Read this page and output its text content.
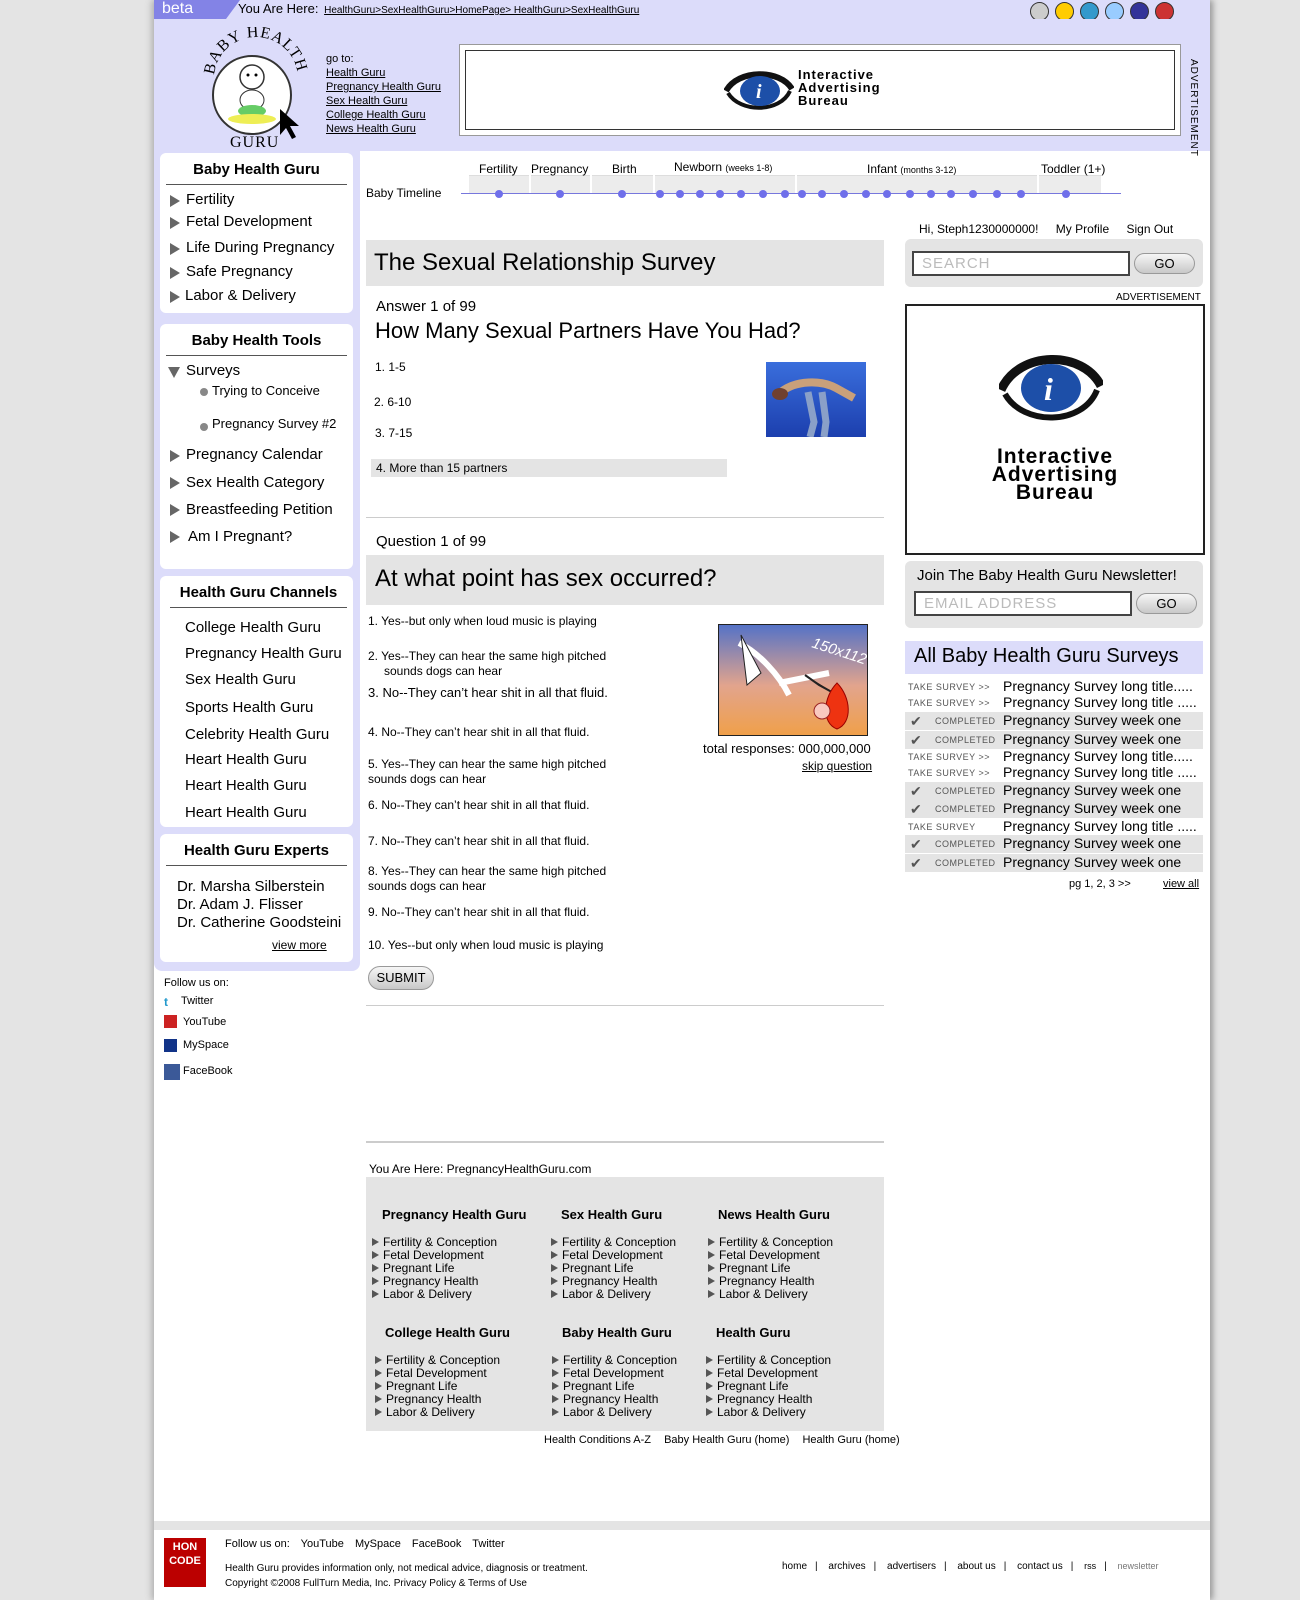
beta	You Are Here: HealthGuru>SexHealthGuru>HomePage> HealthGuru>SexHealthGuru
BABY HEALTH
GURU
go to:
Health Guru
Pregnancy Health Guru
Sex Health Guru
College Health Guru
News Health Guru
i
Interactive
Advertising
Bureau	ADVERTISEMENT
Baby Health Guru
Fertility
Fetal Development
Life During Pregnancy
Safe Pregnancy
Labor & Delivery
Baby Health Tools
Surveys
Trying to Conceive
Pregnancy Survey #2
Pregnancy Calendar
Sex Health Category
Breastfeeding Petition
Am I Pregnant?
Health Guru Channels
College Health Guru
Pregnancy Health Guru
Sex Health Guru
Sports Health Guru
Celebrity Health Guru
Heart Health Guru
Heart Health Guru
Heart Health Guru
Health Guru Experts
Dr. Marsha Silberstein
Dr. Adam J. Flisser
Dr. Catherine Goodsteini
view more
Follow us on:
t	Twitter
YouTube
MySpace
FaceBook
Baby Timeline
Fertility Pregnancy Birth	Newborn (weeks 1-8)	Infant (months 3-12)	Toddler (1+)
The Sexual Relationship Survey
Answer 1 of 99
How Many Sexual Partners Have You Had?
1. 1-5
2. 6-10
3. 7-15
4. More than 15 partners
Question 1 of 99
At what point has sex occurred?
1. Yes--but only when loud music is playing
2. Yes--They can hear the same high pitched
sounds dogs can hear
3. No--They can’t hear shit in all that fluid.
4. No--They can’t hear shit in all that fluid.
5. Yes--They can hear the same high pitched
sounds dogs can hear
6. No--They can’t hear shit in all that fluid.
7. No--They can’t hear shit in all that fluid.
8. Yes--They can hear the same high pitched
sounds dogs can hear
9. No--They can’t hear shit in all that fluid.
10. Yes--but only when loud music is playing
150x112
total responses: 000,000,000
skip question
SUBMIT
You Are Here: PregnancyHealthGuru.com
Pregnancy Health Guru
Fertility & Conception
Fetal Development
Pregnant Life
Pregnancy Health
Labor & Delivery
Sex Health Guru
Fertility & Conception
Fetal Development
Pregnant Life
Pregnancy Health
Labor & Delivery
News Health Guru
Fertility & Conception
Fetal Development
Pregnant Life
Pregnancy Health
Labor & Delivery
College Health Guru
Fertility & Conception
Fetal Development
Pregnant Life
Pregnancy Health
Labor & Delivery
Baby Health Guru
Fertility & Conception
Fetal Development
Pregnant Life
Pregnancy Health
Labor & Delivery
Health Guru
Fertility & Conception
Fetal Development
Pregnant Life
Pregnancy Health
Labor & Delivery
Health Conditions A-Z Baby Health Guru (home) Health Guru (home)
Hi, Steph1230000000! My Profile Sign Out
SEARCH	GO
ADVERTISEMENT
i
Interactive
Advertising
Bureau
Join The Baby Health Guru Newsletter!
EMAIL ADDRESS	GO
All Baby Health Guru Surveys
TAKE SURVEY >> Pregnancy Survey long title.....
TAKE SURVEY >> Pregnancy Survey long title .....
✔ COMPLETED Pregnancy Survey week one
✔ COMPLETED Pregnancy Survey week one
TAKE SURVEY >> Pregnancy Survey long title.....
TAKE SURVEY >> Pregnancy Survey long title .....
✔ COMPLETED Pregnancy Survey week one
✔ COMPLETED Pregnancy Survey week one
TAKE SURVEY Pregnancy Survey long title .....
✔ COMPLETED Pregnancy Survey week one
✔ COMPLETED Pregnancy Survey week one
pg 1, 2, 3 >>	view all
HON CODE
Follow us on: YouTube MySpace FaceBook Twitter
Health Guru provides information only, not medical advice, diagnosis or treatment.
Copyright ©2008 FullTurn Media, Inc. Privacy Policy & Terms of Use
home | archives | advertisers | about us | contact us | rss | newsletter
